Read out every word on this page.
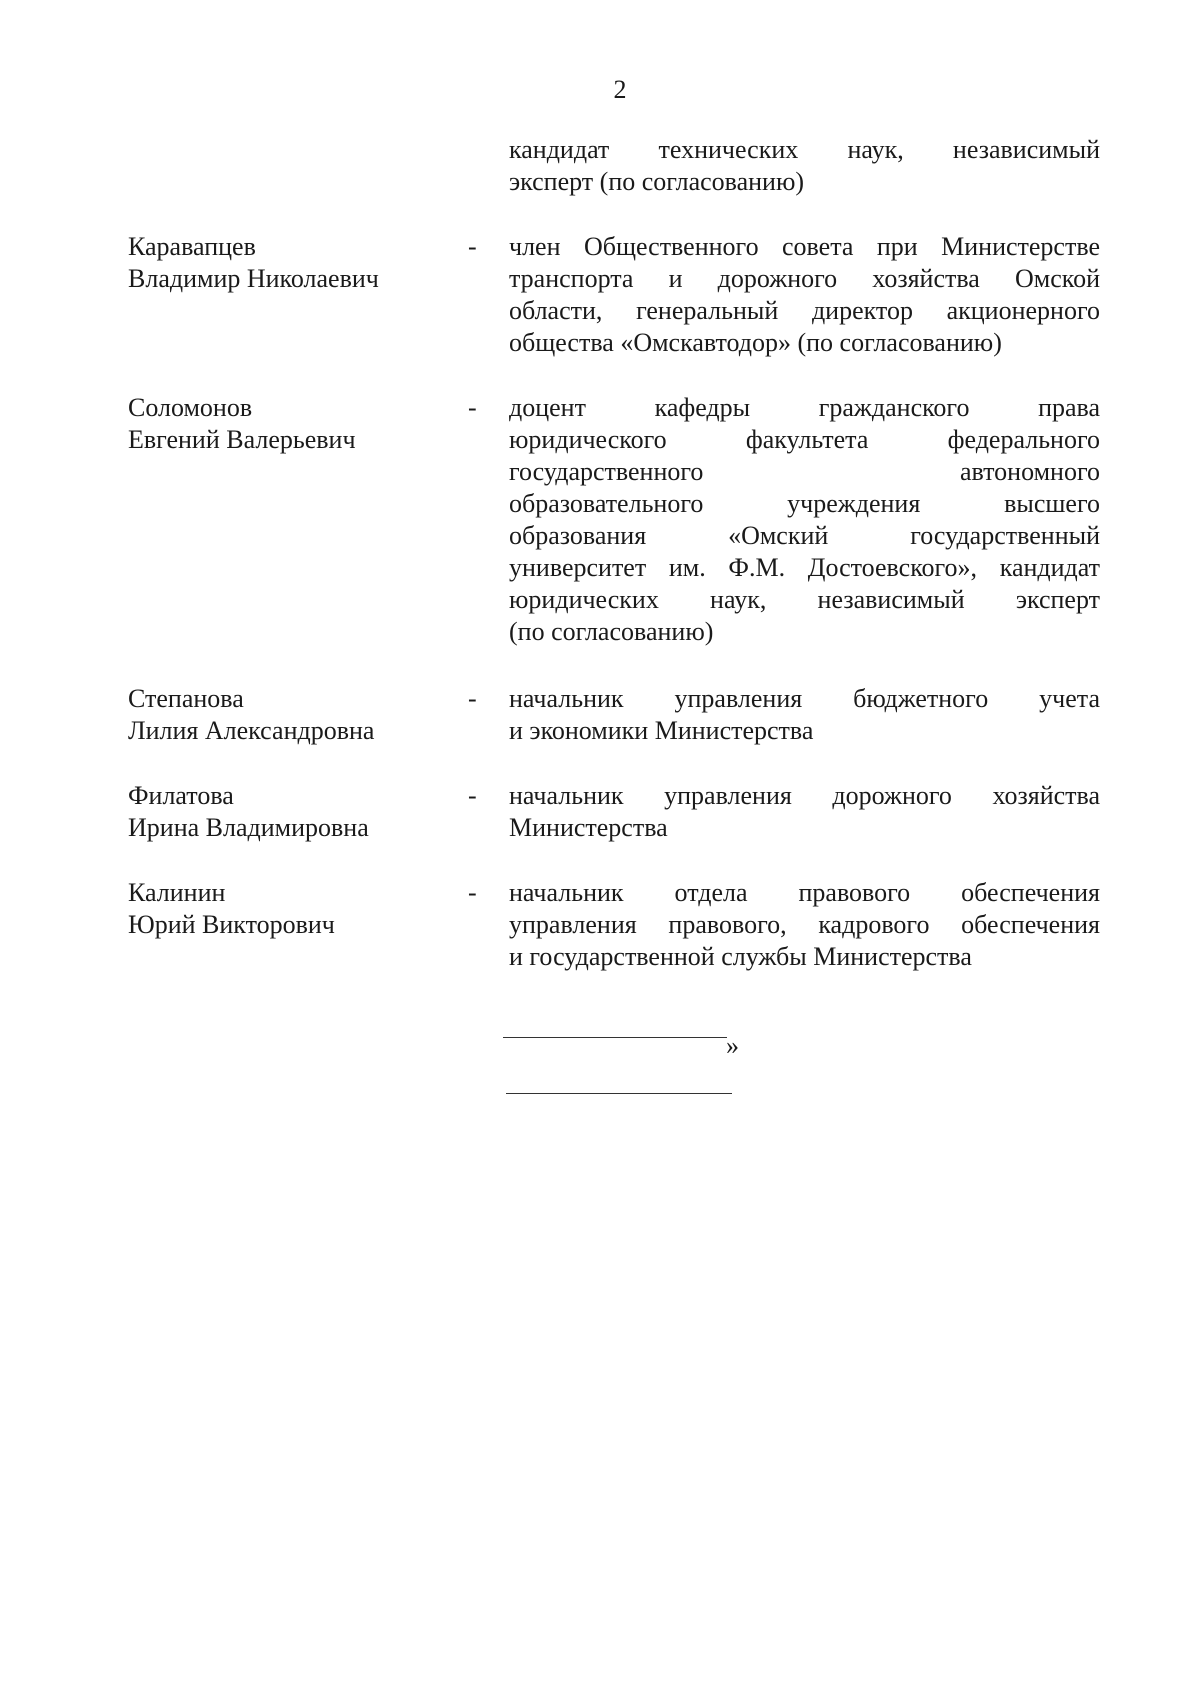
2
кандидат технических наук, независимый
эксперт (по согласованию)
Каравапцев
Владимир Николаевич
- член Общественного совета при Министерстве
транспорта и дорожного хозяйства Омской
области, генеральный директор акционерного
общества «Омскавтодор» (по согласованию)
Соломонов
Евгений Валерьевич
- доцент кафедры гражданского права
юридического факультета федерального
государственного автономного
образовательного учреждения высшего
образования «Омский государственный
университет им. Ф.М. Достоевского», кандидат
юридических наук, независимый эксперт
(по согласованию)
Степанова
Лилия Александровна
- начальник управления бюджетного учета
и экономики Министерства
Филатова
Ирина Владимировна
- начальник управления дорожного хозяйства
Министерства
Калинин
Юрий Викторович
- начальник отдела правового обеспечения
управления правового, кадрового обеспечения
и государственной службы Министерства
»
